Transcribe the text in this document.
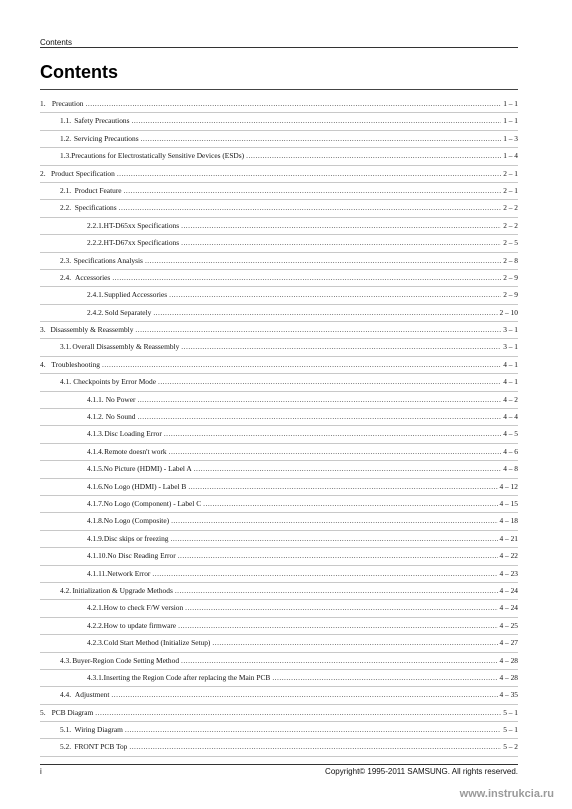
Contents
Contents
1. Precaution .....	1 – 1
1.1. Safety Precautions .....	1 – 1
1.2. Servicing Precautions .....	1 – 3
1.3. Precautions for Electrostatically Sensitive Devices (ESDs) .....	1 – 4
2. Product Specification .....	2 – 1
2.1. Product Feature .....	2 – 1
2.2. Specifications .....	2 – 2
2.2.1. HT-D65xx Specifications .....	2 – 2
2.2.2. HT-D67xx Specifications .....	2 – 5
2.3. Specifications Analysis .....	2 – 8
2.4. Accessories .....	2 – 9
2.4.1. Supplied Accessories .....	2 – 9
2.4.2. Sold Separately .....	2 – 10
3. Disassembly & Reassembly .....	3 – 1
3.1. Overall Disassembly & Reassembly .....	3 – 1
4. Troubleshooting .....	4 – 1
4.1. Checkpoints by Error Mode .....	4 – 1
4.1.1. No Power .....	4 – 2
4.1.2. No Sound .....	4 – 4
4.1.3. Disc Loading Error .....	4 – 5
4.1.4. Remote doesn't work .....	4 – 6
4.1.5. No Picture (HDMI) - Label A .....	4 – 8
4.1.6. No Logo (HDMI) - Label B .....	4 – 12
4.1.7. No Logo (Component) - Label C .....	4 – 15
4.1.8. No Logo (Composite) .....	4 – 18
4.1.9. Disc skips or freezing .....	4 – 21
4.1.10. No Disc Reading Error .....	4 – 22
4.1.11. Network Error .....	4 – 23
4.2. Initialization & Upgrade Methods .....	4 – 24
4.2.1. How to check F/W version .....	4 – 24
4.2.2. How to update firmware .....	4 – 25
4.2.3. Cold Start Method (Initialize Setup) .....	4 – 27
4.3. Buyer-Region Code Setting Method .....	4 – 28
4.3.1. Inserting the Region Code after replacing the Main PCB .....	4 – 28
4.4. Adjustment .....	4 – 35
5. PCB Diagram .....	5 – 1
5.1. Wiring Diagram .....	5 – 1
5.2. FRONT PCB Top .....	5 – 2
i	Copyright© 1995-2011 SAMSUNG. All rights reserved.
www.instrukcia.ru
